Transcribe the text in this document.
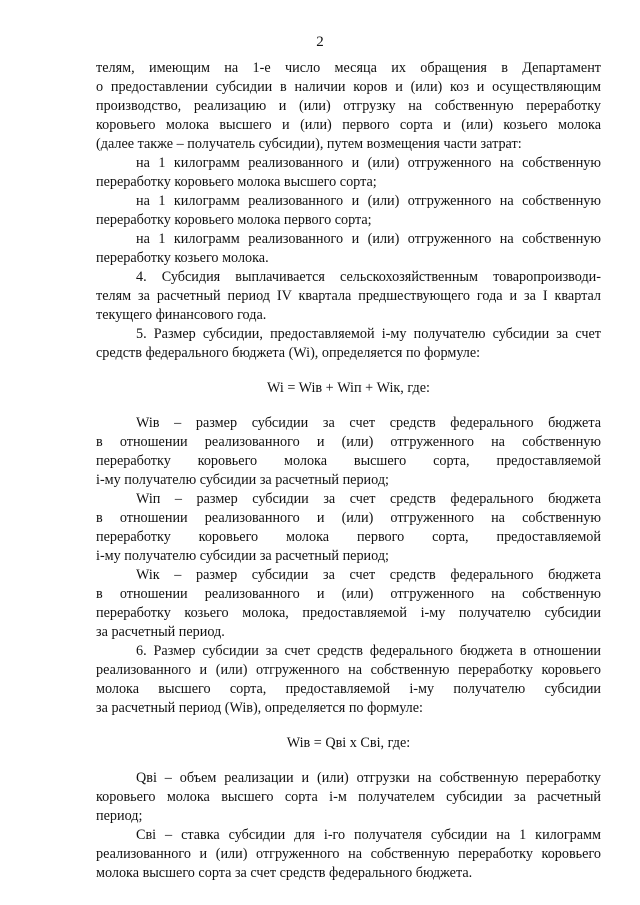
2
телям, имеющим на 1-е число месяца их обращения в Департамент
о предоставлении субсидии в наличии коров и (или) коз и осуществляющим
производство, реализацию и (или) отгрузку на собственную переработку
коровьего молока высшего и (или) первого сорта и (или) козьего молока
(далее также – получатель субсидии), путем возмещения части затрат:
на 1 килограмм реализованного и (или) отгруженного на собственную
переработку коровьего молока высшего сорта;
на 1 килограмм реализованного и (или) отгруженного на собственную
переработку коровьего молока первого сорта;
на 1 килограмм реализованного и (или) отгруженного на собственную
переработку козьего молока.
4. Субсидия выплачивается сельскохозяйственным товаропроизводи-
телям за расчетный период IV квартала предшествующего года и за I квартал
текущего финансового года.
5. Размер субсидии, предоставляемой i-му получателю субсидии за счет
средств федерального бюджета (Wi), определяется по формуле:
Wi = Wiв + Wiп + Wiк, где:
Wiв – размер субсидии за счет средств федерального бюджета
в отношении реализованного и (или) отгруженного на собственную
переработку коровьего молока высшего сорта, предоставляемой
i-му получателю субсидии за расчетный период;
Wiп – размер субсидии за счет средств федерального бюджета
в отношении реализованного и (или) отгруженного на собственную
переработку коровьего молока первого сорта, предоставляемой
i-му получателю субсидии за расчетный период;
Wiк – размер субсидии за счет средств федерального бюджета
в отношении реализованного и (или) отгруженного на собственную
переработку козьего молока, предоставляемой i-му получателю субсидии
за расчетный период.
6. Размер субсидии за счет средств федерального бюджета в отношении
реализованного и (или) отгруженного на собственную переработку коровьего
молока высшего сорта, предоставляемой i-му получателю субсидии
за расчетный период (Wiв), определяется по формуле:
Wiв = Qвi x Cвi, где:
Qвi – объем реализации и (или) отгрузки на собственную переработку
коровьего молока высшего сорта i-м получателем субсидии за расчетный
период;
Свi – ставка субсидии для i-го получателя субсидии на 1 килограмм
реализованного и (или) отгруженного на собственную переработку коровьего
молока высшего сорта за счет средств федерального бюджета.
